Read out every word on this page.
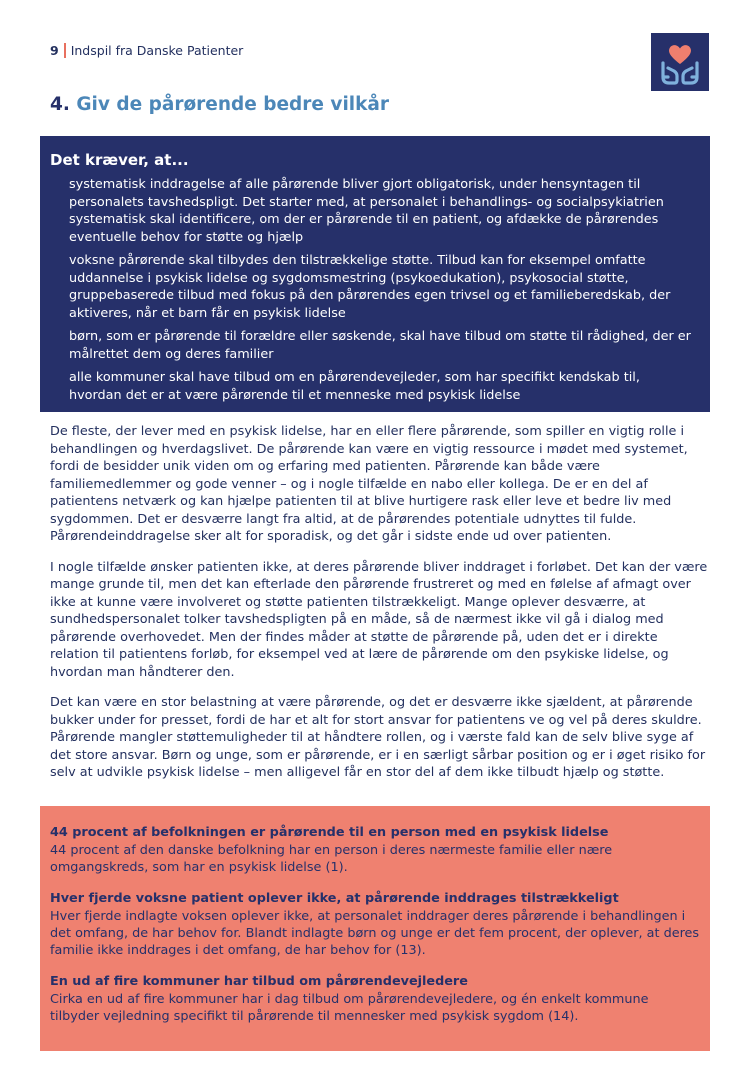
9 Indspil fra Danske Patienter
4. Giv de pårørende bedre vilkår

Det kræver, at...

systematisk inddragelse af alle pårørende bliver gjort obligatorisk, under hensyntagen til personalets tavshedspligt. Det starter med, at personalet i behandlings- og socialpsykiatrien systematisk skal identificere, om der er pårørende til en patient, og afdække de pårørendes eventuelle behov for støtte og hjælp
voksne pårørende skal tilbydes den tilstrækkelige støtte. Tilbud kan for eksempel omfatte uddannelse i psykisk lidelse og sygdomsmestring (psykoedukation), psykosocial støtte, gruppebaserede tilbud med fokus på den pårørendes egen trivsel og et familieberedskab, der aktiveres, når et barn får en psykisk lidelse
børn, som er pårørende til forældre eller søskende, skal have tilbud om støtte til rådighed, der er målrettet dem og deres familier
alle kommuner skal have tilbud om en pårørendevejleder, som har specifikt kendskab til, hvordan det er at være pårørende til et menneske med psykisk lidelse

De fleste, der lever med en psykisk lidelse, har en eller flere pårørende, som spiller en vigtig rolle i behandlingen og hverdagslivet. De pårørende kan være en vigtig ressource i mødet med systemet, fordi de besidder unik viden om og erfaring med patienten. Pårørende kan både være familiemedlemmer og gode venner – og i nogle tilfælde en nabo eller kollega. De er en del af patientens netværk og kan hjælpe patienten til at blive hurtigere rask eller leve et bedre liv med sygdommen. Det er desværre langt fra altid, at de pårørendes potentiale udnyttes til fulde. Pårørendeinddragelse sker alt for sporadisk, og det går i sidste ende ud over patienten.

I nogle tilfælde ønsker patienten ikke, at deres pårørende bliver inddraget i forløbet. Det kan der være mange grunde til, men det kan efterlade den pårørende frustreret og med en følelse af afmagt over ikke at kunne være involveret og støtte patienten tilstrækkeligt. Mange oplever desværre, at sundhedspersonalet tolker tavshedspligten på en måde, så de nærmest ikke vil gå i dialog med pårørende overhovedet. Men der findes måder at støtte de pårørende på, uden det er i direkte relation til patientens forløb, for eksempel ved at lære de pårørende om den psykiske lidelse, og hvordan man håndterer den.

Det kan være en stor belastning at være pårørende, og det er desværre ikke sjældent, at pårørende bukker under for presset, fordi de har et alt for stort ansvar for patientens ve og vel på deres skuldre. Pårørende mangler støttemuligheder til at håndtere rollen, og i værste fald kan de selv blive syge af det store ansvar. Børn og unge, som er pårørende, er i en særligt sårbar position og er i øget risiko for selv at udvikle psykisk lidelse – men alligevel får en stor del af dem ikke tilbudt hjælp og støtte.

44 procent af befolkningen er pårørende til en person med en psykisk lidelse

44 procent af den danske befolkning har en person i deres nærmeste familie eller nære omgangskreds, som har en psykisk lidelse (1).

Hver fjerde voksne patient oplever ikke, at pårørende inddrages tilstrækkeligt

Hver fjerde indlagte voksen oplever ikke, at personalet inddrager deres pårørende i behandlingen i det omfang, de har behov for. Blandt indlagte børn og unge er det fem procent, der oplever, at deres familie ikke inddrages i det omfang, de har behov for (13).

En ud af fire kommuner har tilbud om pårørendevejledere

Cirka en ud af fire kommuner har i dag tilbud om pårørendevejledere, og én enkelt kommune tilbyder vejledning specifikt til pårørende til mennesker med psykisk sygdom (14).
